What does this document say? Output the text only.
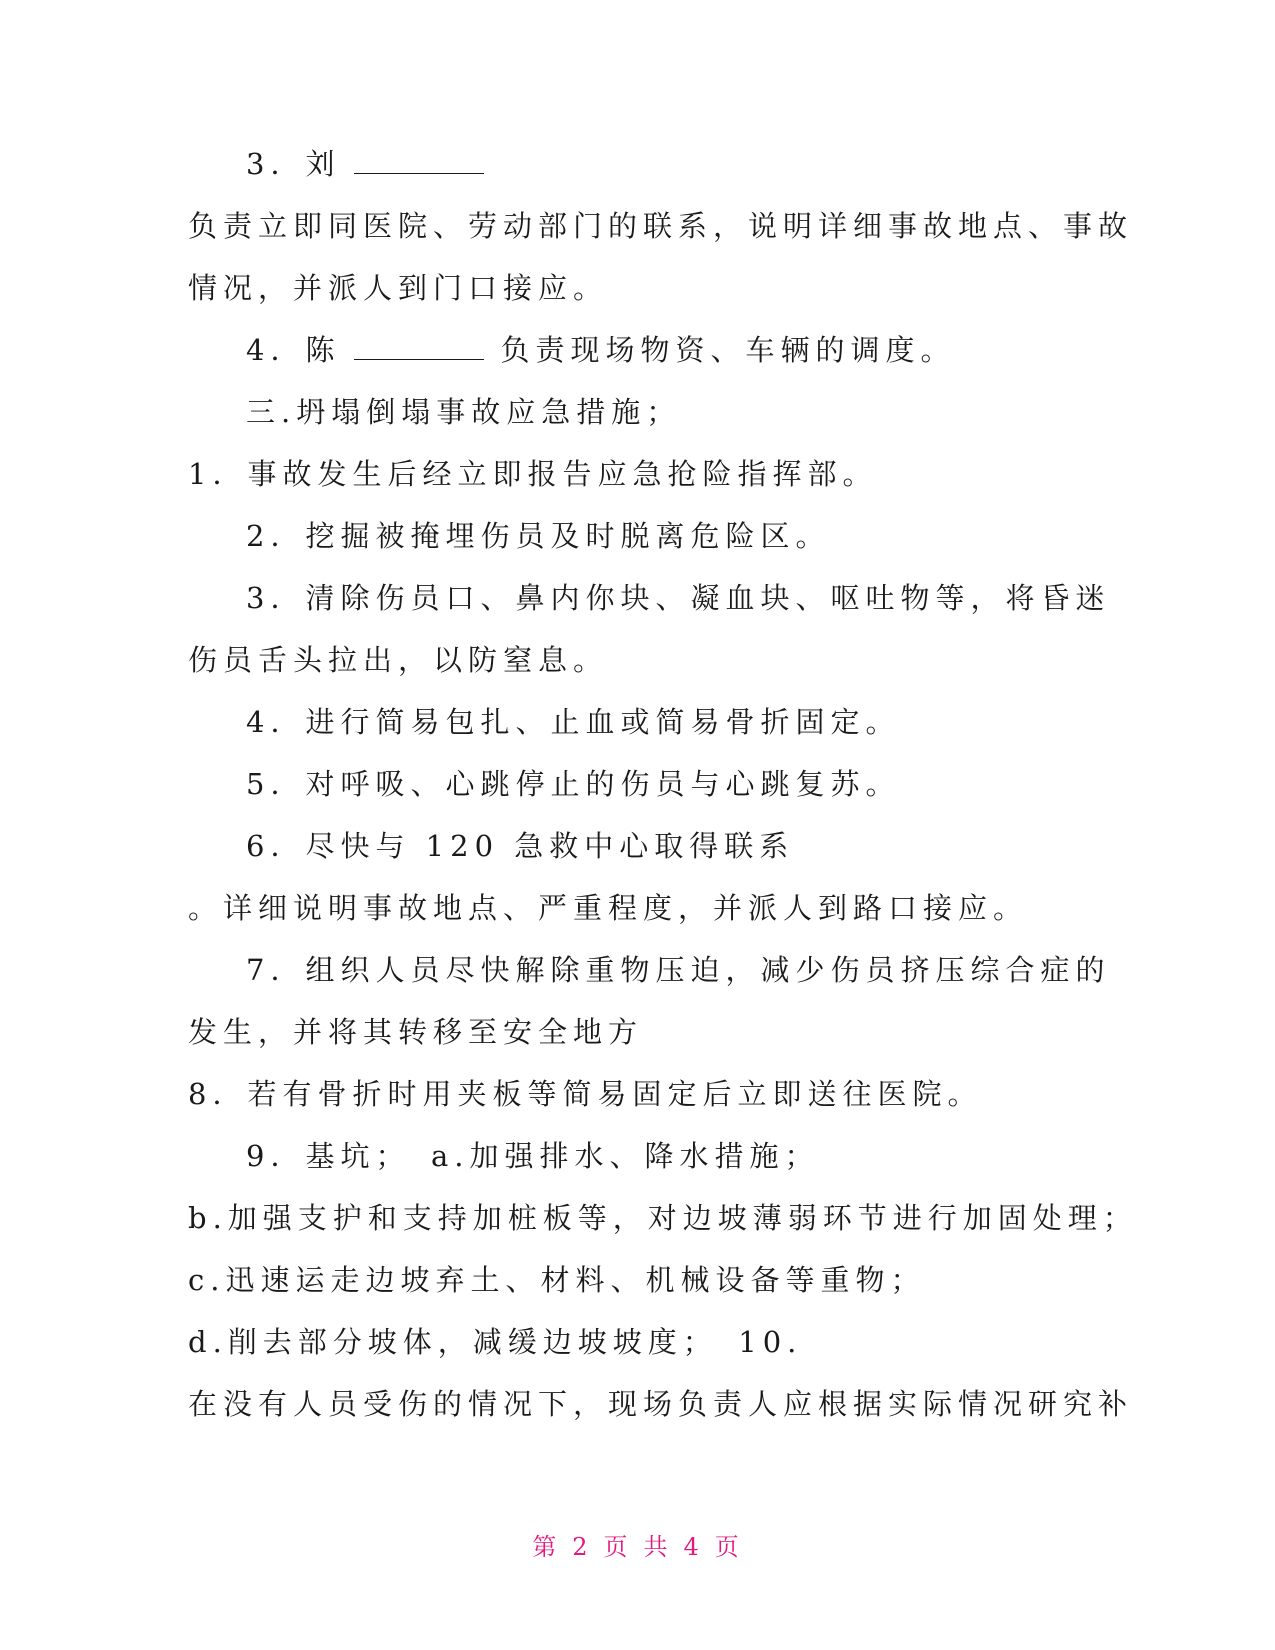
3．刘
负责立即同医院、劳动部门的联系，说明详细事故地点、事故
情况，并派人到门口接应。
4．陈	负责现场物资、车辆的调度。
三.坍塌倒塌事故应急措施；
1．事故发生后经立即报告应急抢险指挥部。
2．挖掘被掩埋伤员及时脱离危险区。
3．清除伤员口、鼻内你块、凝血块、呕吐物等，将昏迷
伤员舌头拉出，以防窒息。
4．进行简易包扎、止血或简易骨折固定。
5．对呼吸、心跳停止的伤员与心跳复苏。
6．尽快与 120 急救中心取得联系
。详细说明事故地点、严重程度，并派人到路口接应。
7．组织人员尽快解除重物压迫，减少伤员挤压综合症的
发生，并将其转移至安全地方
8．若有骨折时用夹板等简易固定后立即送往医院。
9．基坑；　a.加强排水、降水措施；
b.加强支护和支持加桩板等，对边坡薄弱环节进行加固处理；
c.迅速运走边坡弃土、材料、机械设备等重物；
d.削去部分坡体，减缓边坡坡度；　10.
在没有人员受伤的情况下，现场负责人应根据实际情况研究补
第 2 页 共 4 页
